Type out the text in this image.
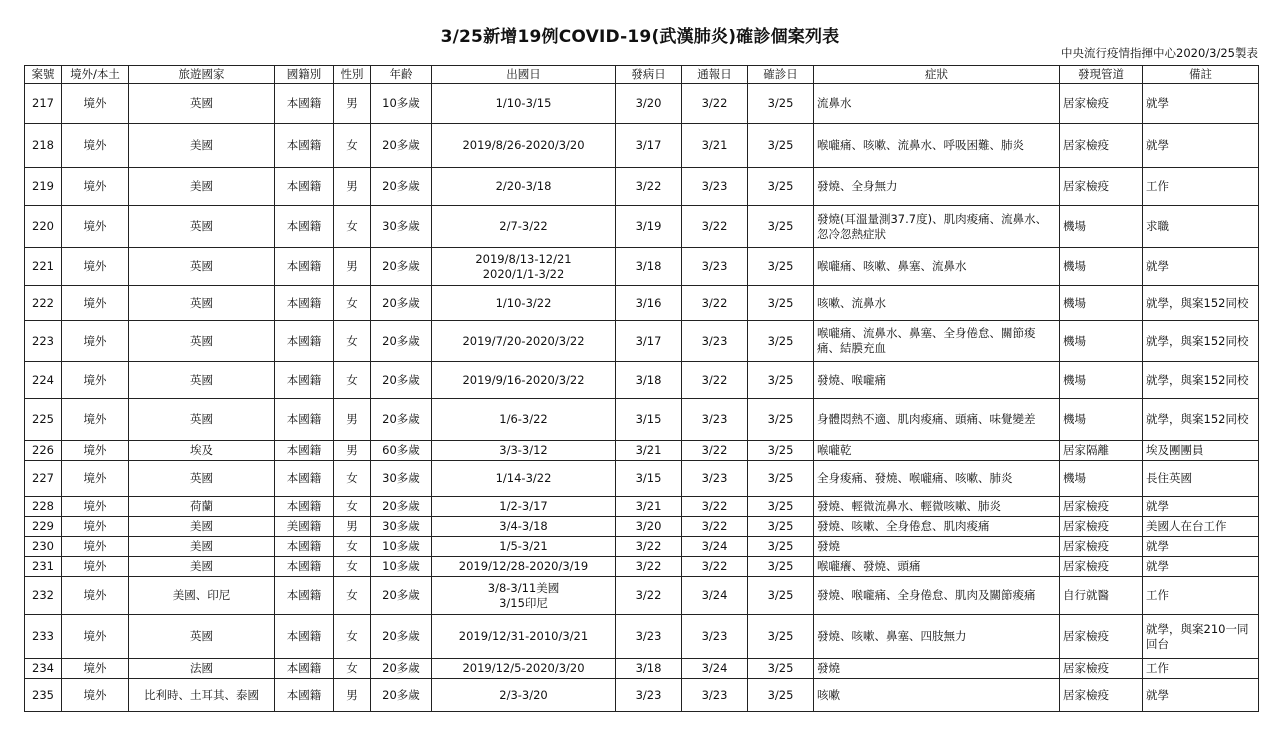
3/25新增19例COVID-19(武漢肺炎)確診個案列表
中央流行疫情指揮中心2020/3/25製表
案號	境外/本土	旅遊國家	國籍別	性別	年齡	出國日	發病日	通報日	確診日	症狀	發現管道	備註
217	境外	英國	本國籍	男	10多歲	1/10-3/15	3/20	3/22	3/25	流鼻水	居家檢疫	就學
218	境外	美國	本國籍	女	20多歲	2019/8/26-2020/3/20	3/17	3/21	3/25	喉嚨痛、咳嗽、流鼻水、呼吸困難、肺炎	居家檢疫	就學
219	境外	美國	本國籍	男	20多歲	2/20-3/18	3/22	3/23	3/25	發燒、全身無力	居家檢疫	工作
220	境外	英國	本國籍	女	30多歲	2/7-3/22	3/19	3/22	3/25	發燒(耳溫量測37.7度)、肌肉痠痛、流鼻水、
忽冷忽熱症狀	機場	求職
221	境外	英國	本國籍	男	20多歲	2019/8/13-12/21
2020/1/1-3/22	3/18	3/23	3/25	喉嚨痛、咳嗽、鼻塞、流鼻水	機場	就學
222	境外	英國	本國籍	女	20多歲	1/10-3/22	3/16	3/22	3/25	咳嗽、流鼻水	機場	就學，與案152同校
223	境外	英國	本國籍	女	20多歲	2019/7/20-2020/3/22	3/17	3/23	3/25	喉嚨痛、流鼻水、鼻塞、全身倦怠、關節痠
痛、結膜充血	機場	就學，與案152同校
224	境外	英國	本國籍	女	20多歲	2019/9/16-2020/3/22	3/18	3/22	3/25	發燒、喉嚨痛	機場	就學，與案152同校
225	境外	英國	本國籍	男	20多歲	1/6-3/22	3/15	3/23	3/25	身體悶熱不適、肌肉痠痛、頭痛、味覺變差	機場	就學，與案152同校
226	境外	埃及	本國籍	男	60多歲	3/3-3/12	3/21	3/22	3/25	喉嚨乾	居家隔離	埃及團團員
227	境外	英國	本國籍	女	30多歲	1/14-3/22	3/15	3/23	3/25	全身痠痛、發燒、喉嚨痛、咳嗽、肺炎	機場	長住英國
228	境外	荷蘭	本國籍	女	20多歲	1/2-3/17	3/21	3/22	3/25	發燒、輕微流鼻水、輕微咳嗽、肺炎	居家檢疫	就學
229	境外	美國	美國籍	男	30多歲	3/4-3/18	3/20	3/22	3/25	發燒、咳嗽、全身倦怠、肌肉痠痛	居家檢疫	美國人在台工作
230	境外	美國	本國籍	女	10多歲	1/5-3/21	3/22	3/24	3/25	發燒	居家檢疫	就學
231	境外	美國	本國籍	女	10多歲	2019/12/28-2020/3/19	3/22	3/22	3/25	喉嚨癢、發燒、頭痛	居家檢疫	就學
232	境外	美國、印尼	本國籍	女	20多歲	3/8-3/11美國
3/15印尼	3/22	3/24	3/25	發燒、喉嚨痛、全身倦怠、肌肉及關節痠痛	自行就醫	工作
233	境外	英國	本國籍	女	20多歲	2019/12/31-2010/3/21	3/23	3/23	3/25	發燒、咳嗽、鼻塞、四肢無力	居家檢疫	就學，與案210一同
回台
234	境外	法國	本國籍	女	20多歲	2019/12/5-2020/3/20	3/18	3/24	3/25	發燒	居家檢疫	工作
235	境外	比利時、土耳其、泰國	本國籍	男	20多歲	2/3-3/20	3/23	3/23	3/25	咳嗽	居家檢疫	就學
